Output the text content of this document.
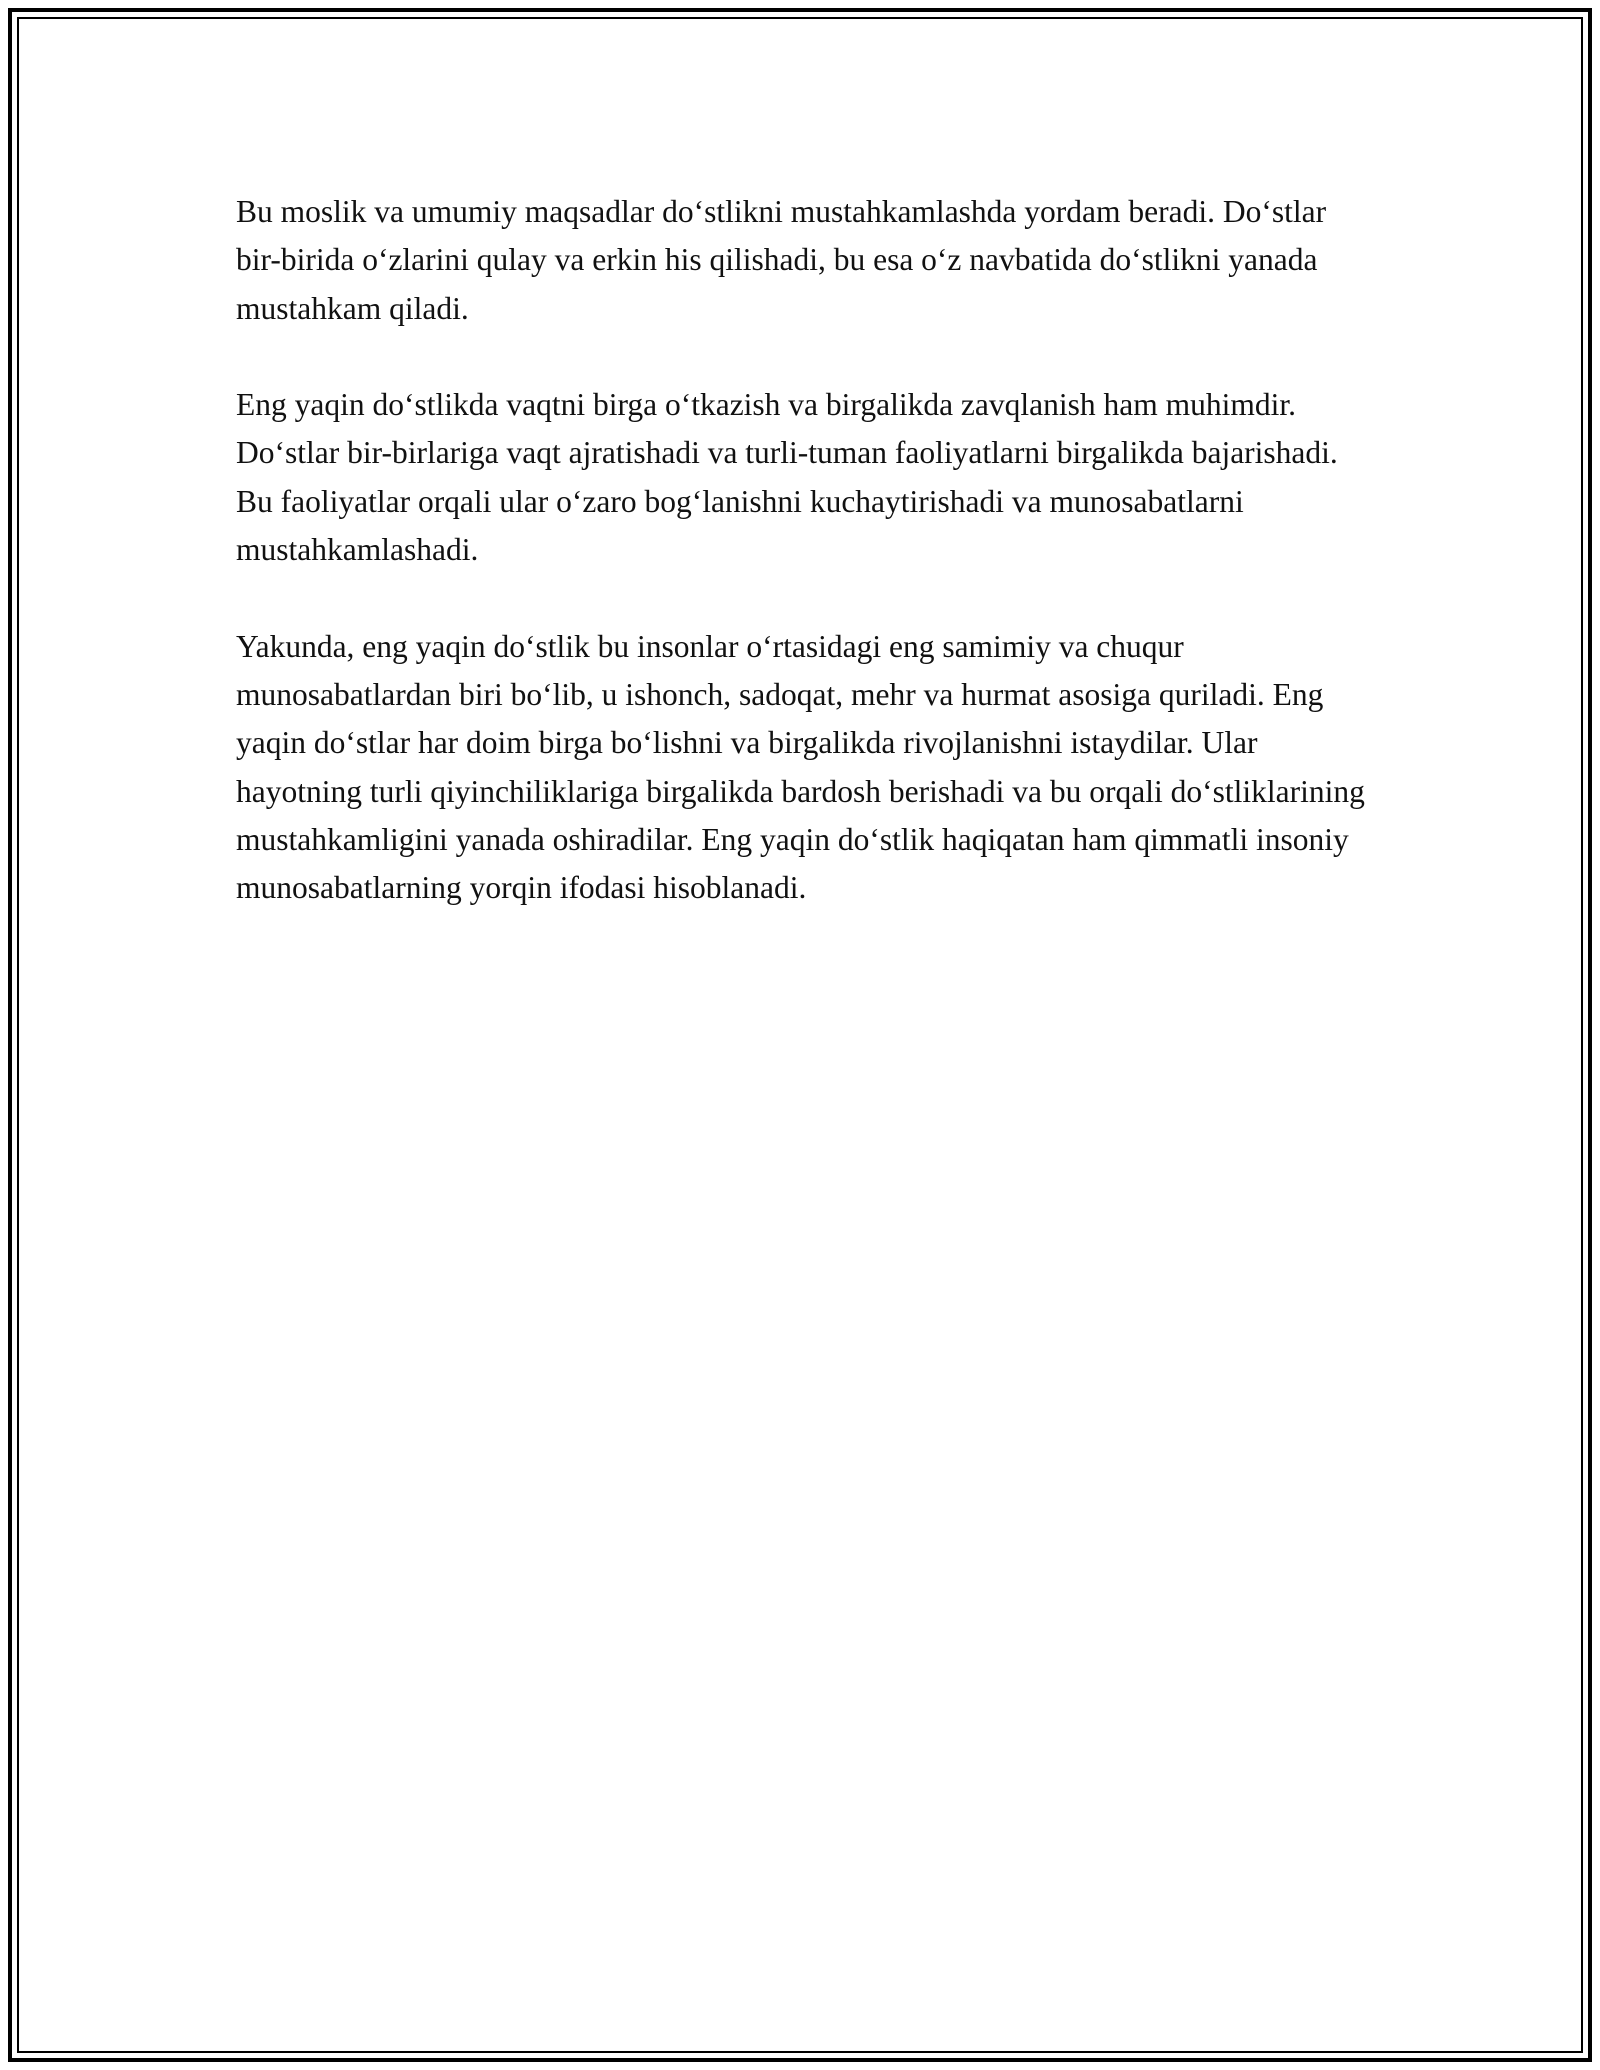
Bu moslik va umumiy maqsadlar do‘stlikni mustahkamlashda yordam beradi. Do‘stlar bir-birida o‘zlarini qulay va erkin his qilishadi, bu esa o‘z navbatida do‘stlikni yanada mustahkam qiladi.

Eng yaqin do‘stlikda vaqtni birga o‘tkazish va birgalikda zavqlanish ham muhimdir. Do‘stlar bir-birlariga vaqt ajratishadi va turli-tuman faoliyatlarni birgalikda bajarishadi. Bu faoliyatlar orqali ular o‘zaro bog‘lanishni kuchaytirishadi va munosabatlarni mustahkamlashadi.

Yakunda, eng yaqin do‘stlik bu insonlar o‘rtasidagi eng samimiy va chuqur munosabatlardan biri bo‘lib, u ishonch, sadoqat, mehr va hurmat asosiga quriladi. Eng yaqin do‘stlar har doim birga bo‘lishni va birgalikda rivojlanishni istaydilar. Ular hayotning turli qiyinchiliklariga birgalikda bardosh berishadi va bu orqali do‘stliklarining mustahkamligini yanada oshiradilar. Eng yaqin do‘stlik haqiqatan ham qimmatli insoniy munosabatlarning yorqin ifodasi hisoblanadi.
